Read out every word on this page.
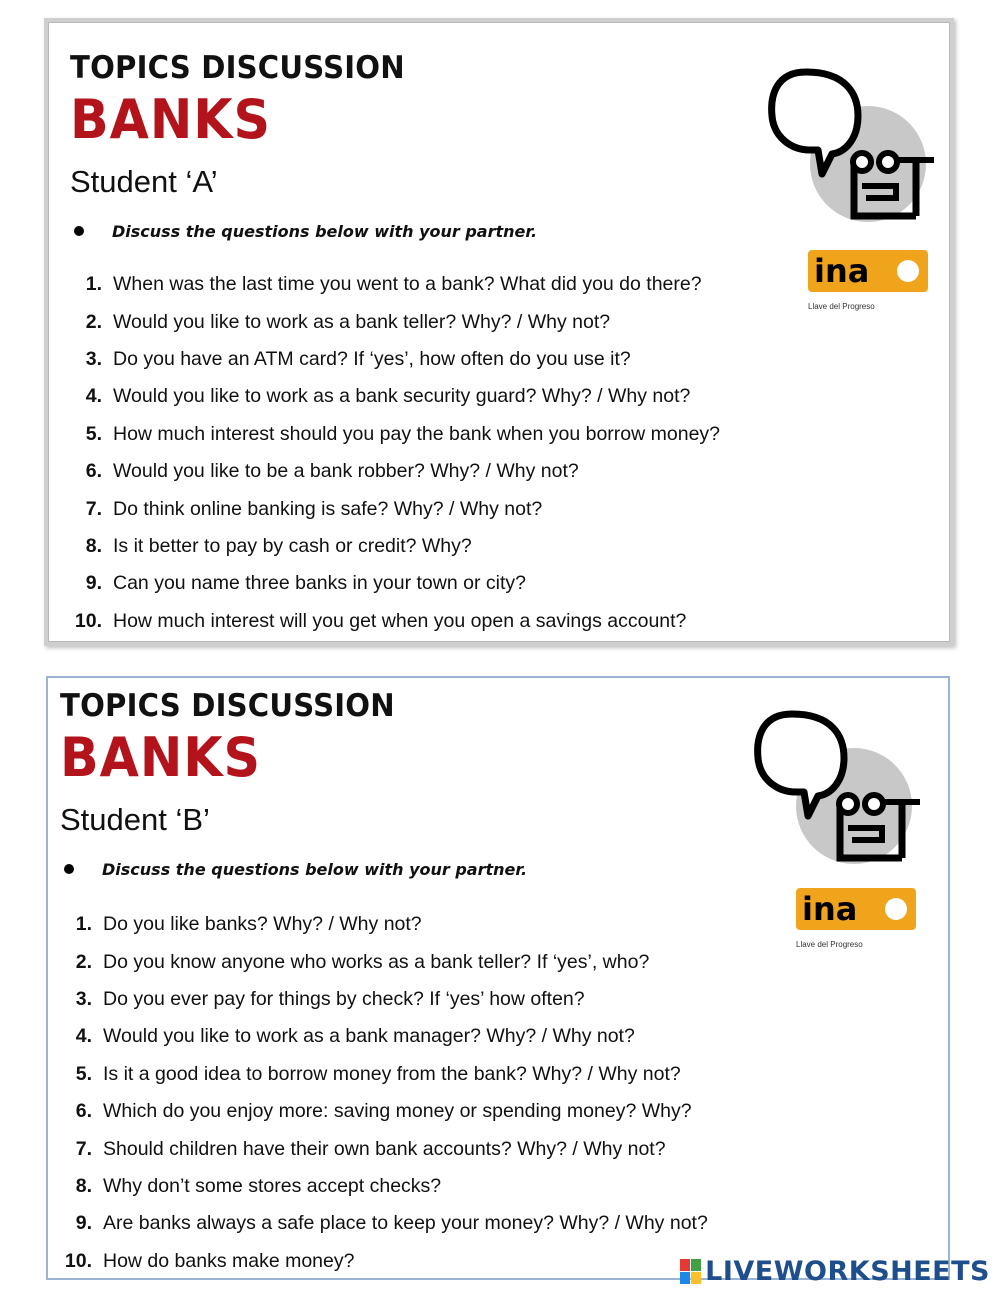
TOPICS DISCUSSION
BANKS
Student ‘A’
Discuss the questions below with your partner.
ina
Llave del Progreso
1. When was the last time you went to a bank? What did you do there?
2. Would you like to work as a bank teller? Why? / Why not?
3. Do you have an ATM card? If ‘yes’, how often do you use it?
4. Would you like to work as a bank security guard? Why? / Why not?
5. How much interest should you pay the bank when you borrow money?
6. Would you like to be a bank robber? Why? / Why not?
7. Do think online banking is safe? Why? / Why not?
8. Is it better to pay by cash or credit? Why?
9. Can you name three banks in your town or city?
10. How much interest will you get when you open a savings account?
TOPICS DISCUSSION
BANKS
Student ‘B’
Discuss the questions below with your partner.
ina
Llave del Progreso
1. Do you like banks? Why? / Why not?
2. Do you know anyone who works as a bank teller? If ‘yes’, who?
3. Do you ever pay for things by check? If ‘yes’ how often?
4. Would you like to work as a bank manager? Why? / Why not?
5. Is it a good idea to borrow money from the bank? Why? / Why not?
6. Which do you enjoy more: saving money or spending money? Why?
7. Should children have their own bank accounts? Why? / Why not?
8. Why don’t some stores accept checks?
9. Are banks always a safe place to keep your money? Why? / Why not?
10. How do banks make money?	LIVEWORKSHEETS
